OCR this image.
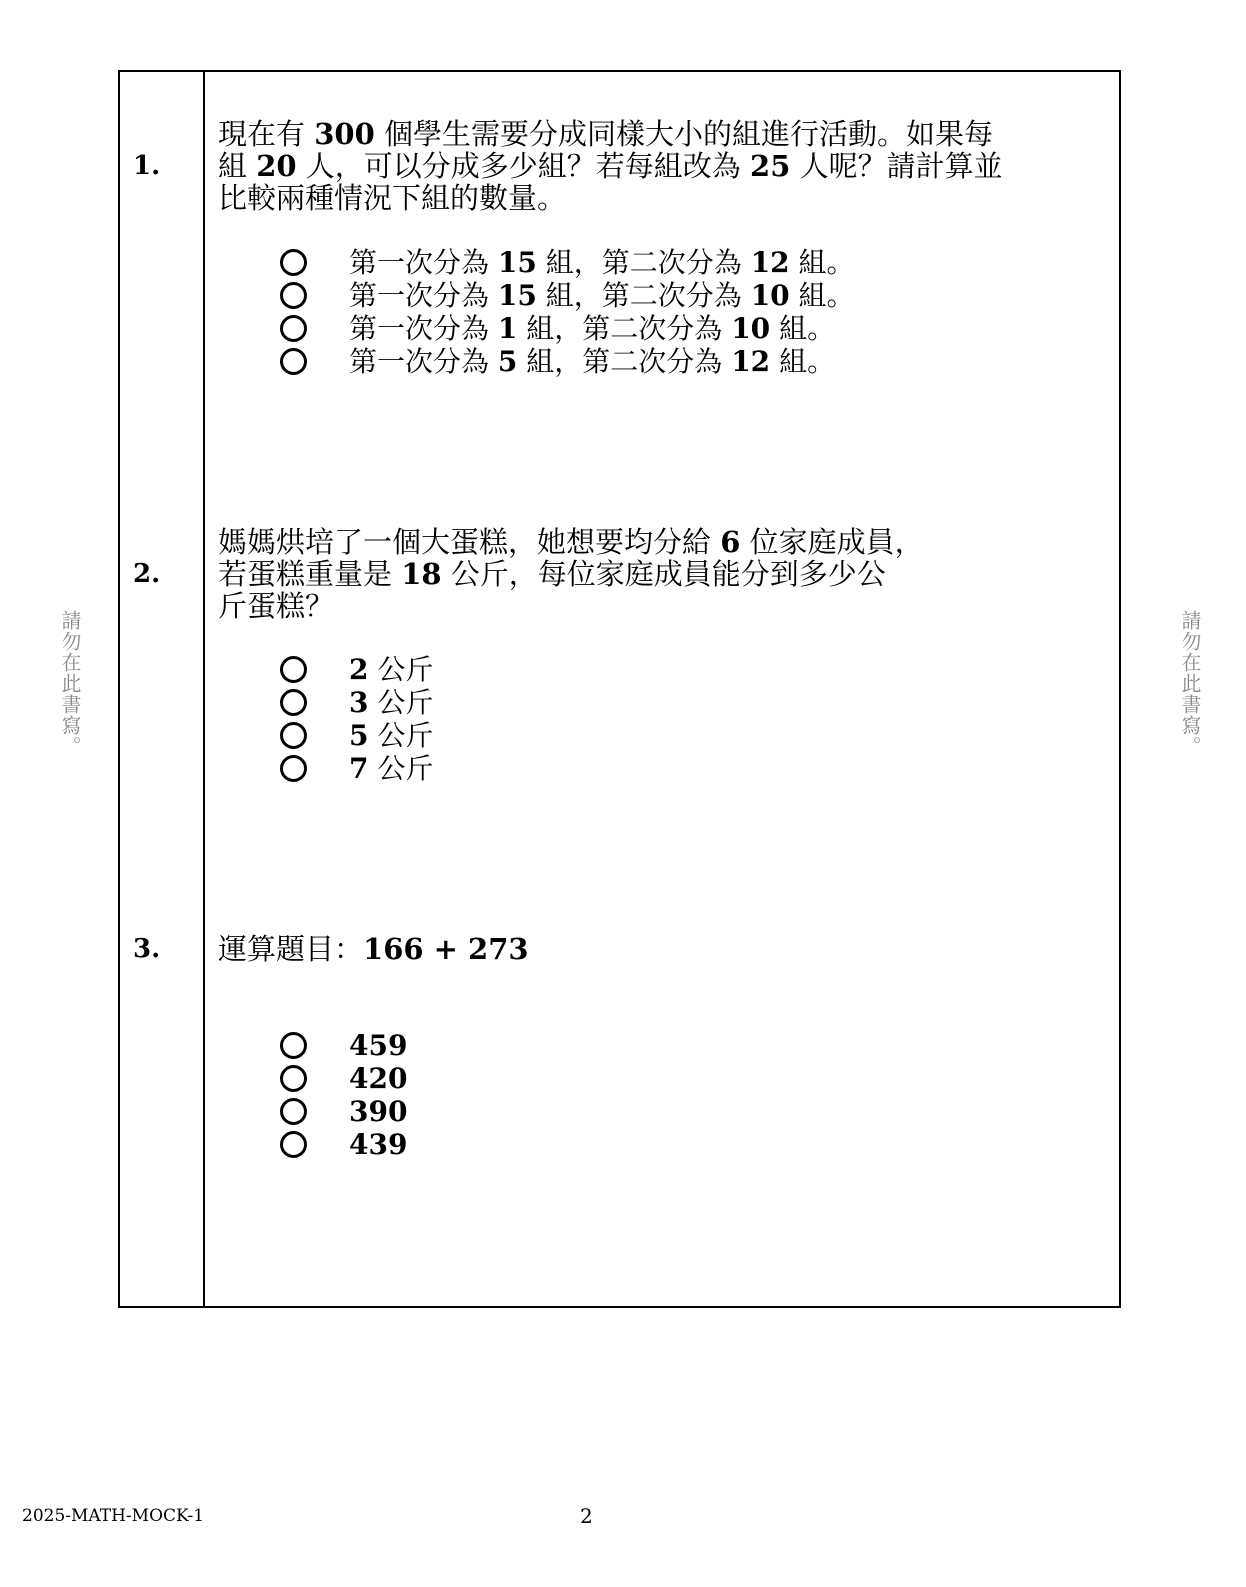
請勿在此書寫。	請勿在此書寫。
1.
現在有 300 個學生需要分成同樣大小的組進行活動。如果每
組 20 人，可以分成多少組？若每組改為 25 人呢？請計算並
比較兩種情況下組的數量。
第一次分為 15 組，第二次分為 12 組。
第一次分為 15 組，第二次分為 10 組。
第一次分為 1 組，第二次分為 10 組。
第一次分為 5 組，第二次分為 12 組。
2.
媽媽烘培了一個大蛋糕，她想要均分給 6 位家庭成員，
若蛋糕重量是 18 公斤，每位家庭成員能分到多少公
斤蛋糕？
2 公斤
3 公斤
5 公斤
7 公斤
3. 運算題目：166 + 273
459
420
390
439
2025-MATH-MOCK-1	2
